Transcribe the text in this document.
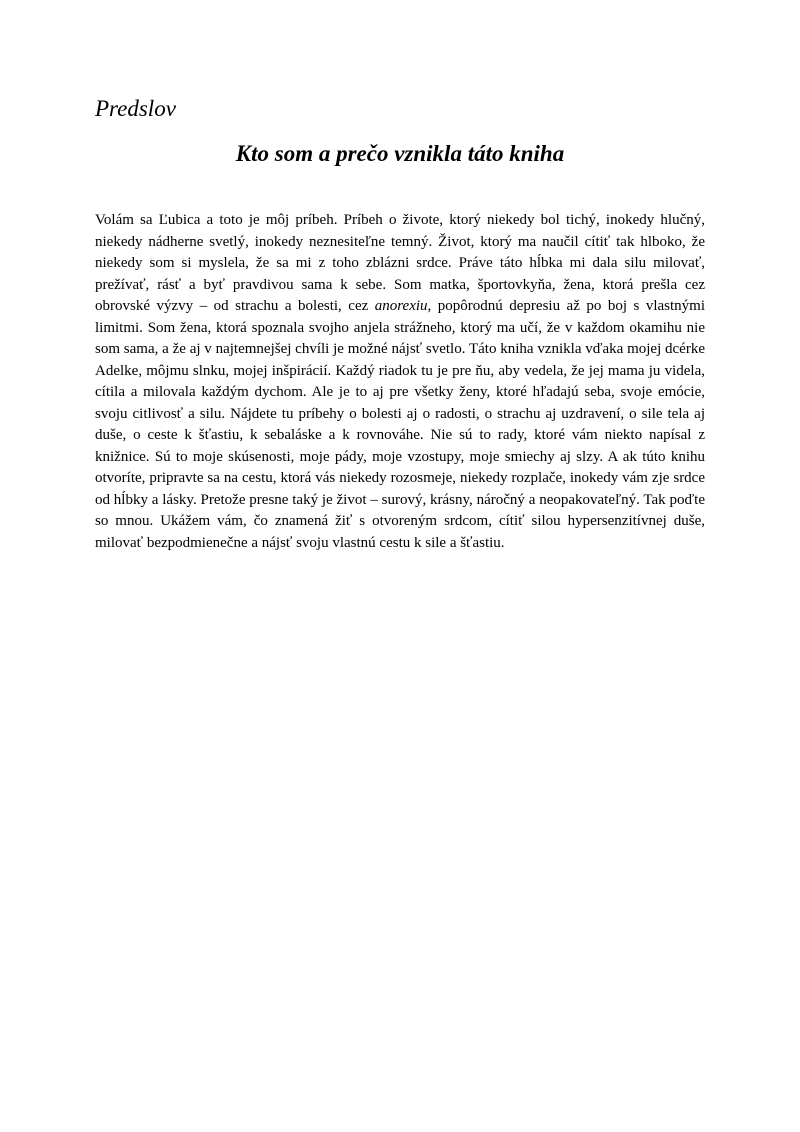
Predslov
Kto som a prečo vznikla táto kniha

Volám sa Ľubica a toto je môj príbeh. Príbeh o živote, ktorý niekedy bol tichý, inokedy hlučný, niekedy nádherne svetlý, inokedy neznesiteľne temný. Život, ktorý ma naučil cítiť tak hlboko, že niekedy som si myslela, že sa mi z toho zblázni srdce. Práve táto hĺbka mi dala silu milovať, prežívať, rásť a byť pravdivou sama k sebe. Som matka, športovkyňa, žena, ktorá prešla cez obrovské výzvy – od strachu a bolesti, cez anorexiu, popôrodnú depresiu až po boj s vlastnými limitmi. Som žena, ktorá spoznala svojho anjela strážneho, ktorý ma učí, že v každom okamihu nie som sama, a že aj v najtemnejšej chvíli je možné nájsť svetlo. Táto kniha vznikla vďaka mojej dcérke Adelke, môjmu slnku, mojej inšpirácií. Každý riadok tu je pre ňu, aby vedela, že jej mama ju videla, cítila a milovala každým dychom. Ale je to aj pre všetky ženy, ktoré hľadajú seba, svoje emócie, svoju citlivosť a silu. Nájdete tu príbehy o bolesti aj o radosti, o strachu aj uzdravení, o sile tela aj duše, o ceste k šťastiu, k sebaláske a k rovnováhe. Nie sú to rady, ktoré vám niekto napísal z knižnice. Sú to moje skúsenosti, moje pády, moje vzostupy, moje smiechy aj slzy. A ak túto knihu otvoríte, pripravte sa na cestu, ktorá vás niekedy rozosmeje, niekedy rozplače, inokedy vám zje srdce od hĺbky a lásky. Pretože presne taký je život – surový, krásny, náročný a neopakovateľný. Tak poďte so mnou. Ukážem vám, čo znamená žiť s otvoreným srdcom, cítiť silou hypersenzitívnej duše, milovať bezpodmienečne a nájsť svoju vlastnú cestu k sile a šťastiu.
